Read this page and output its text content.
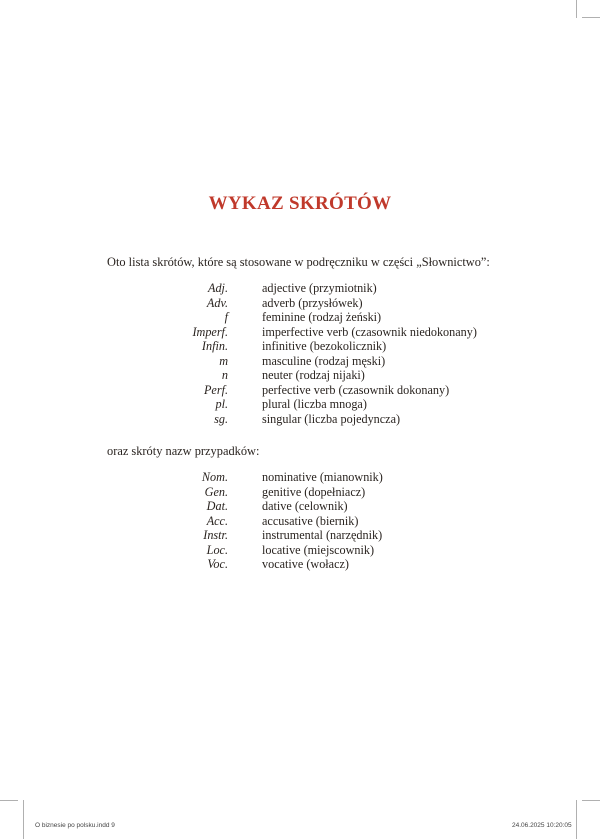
WYKAZ SKRÓTÓW
Oto lista skrótów, które są stosowane w podręczniku w części „Słownictwo”:
Adj.	adjective (przymiotnik)
Adv.	adverb (przysłówek)
f	feminine (rodzaj żeński)
Imperf.	imperfective verb (czasownik niedokonany)
Infin.	infinitive (bezokolicznik)
m	masculine (rodzaj męski)
n	neuter (rodzaj nijaki)
Perf.	perfective verb (czasownik dokonany)
pl.	plural (liczba mnoga)
sg.	singular (liczba pojedyncza)
oraz skróty nazw przypadków:
Nom.	nominative (mianownik)
Gen.	genitive (dopełniacz)
Dat.	dative (celownik)
Acc.	accusative (biernik)
Instr.	instrumental (narzędnik)
Loc.	locative (miejscownik)
Voc.	vocative (wołacz)
O biznesie po polsku.indd 9	24.06.2025 10:20:05
